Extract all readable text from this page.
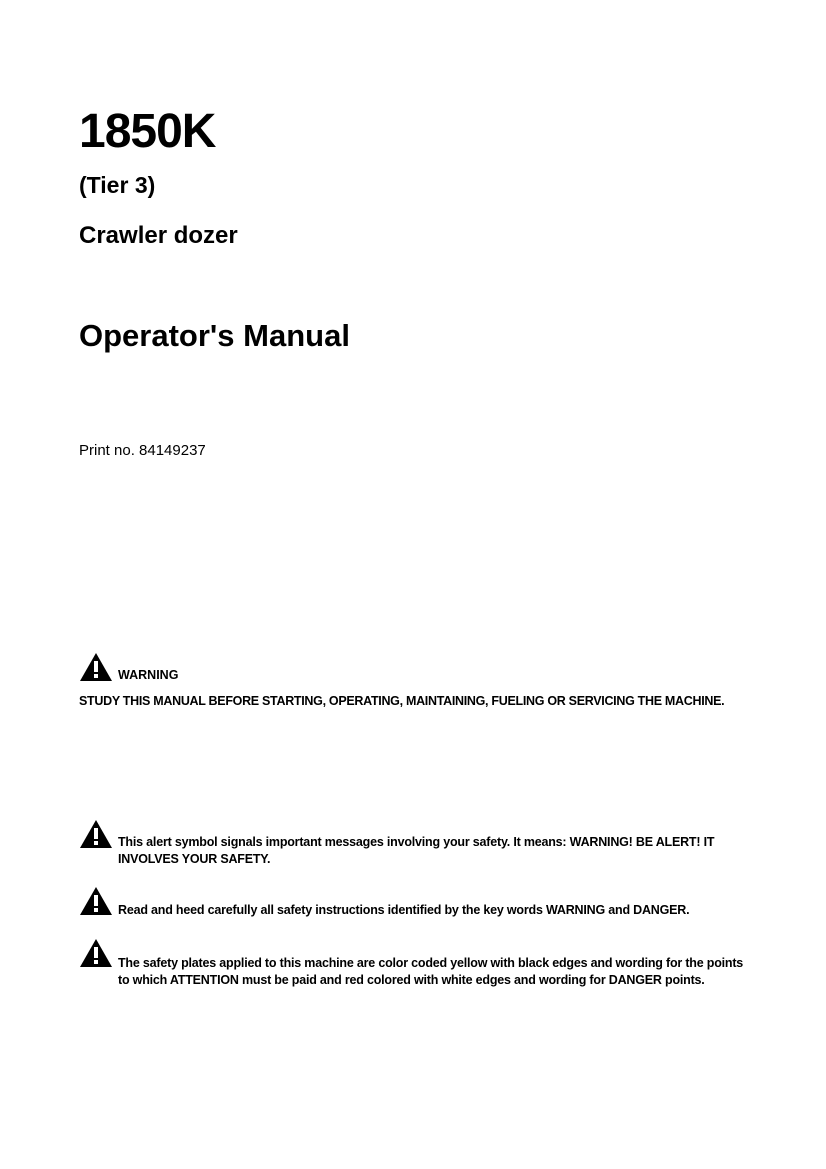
1850K
(Tier 3)
Crawler dozer
Operator's Manual
Print no. 84149237
WARNING
STUDY THIS MANUAL BEFORE STARTING, OPERATING, MAINTAINING, FUELING OR SERVICING THE MACHINE.
This alert symbol signals important messages involving your safety. It means: WARNING! BE ALERT! IT INVOLVES YOUR SAFETY.
Read and heed carefully all safety instructions identified by the key words WARNING and DANGER.
The safety plates applied to this machine are color coded yellow with black edges and wording for the points to which ATTENTION must be paid and red colored with white edges and wording for DANGER points.
